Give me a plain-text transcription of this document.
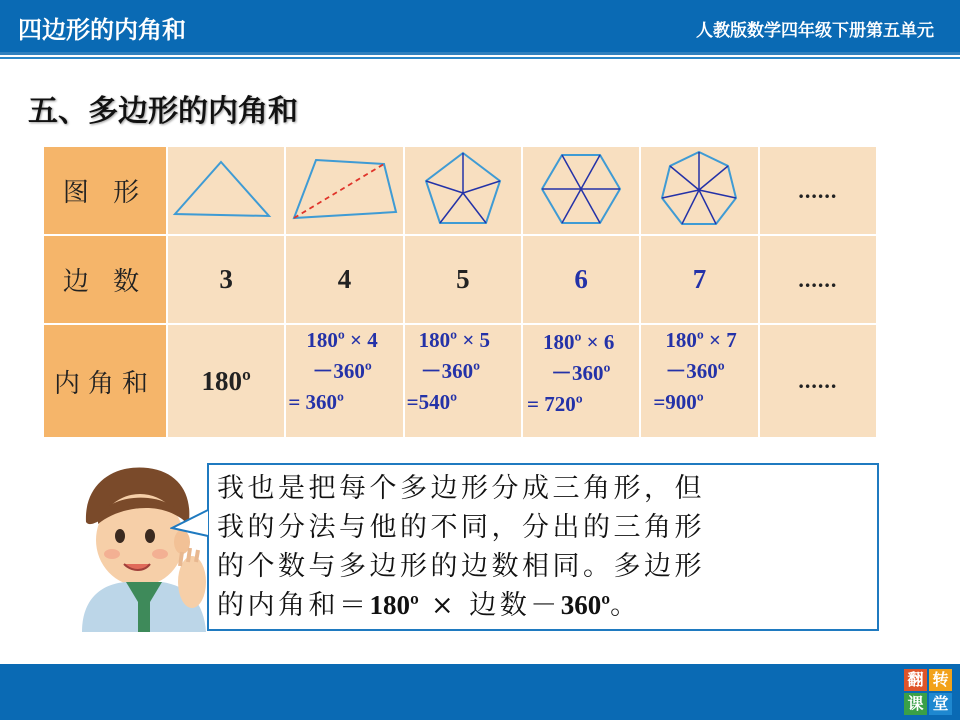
四边形的内角和	人教版数学四年级下册第五单元
五、多边形的内角和
图 形						......
边 数	3	4	5	6	7	......
内角和	180º	180º × 4
－360º
= 360º	180º × 5
－360º
=540º	180º × 6
－360º
= 720º	180º × 7
－360º
=900º	......

我也是把每个多边形分成三角形，但

我的分法与他的不同，分出的三角形

的个数与多边形的边数相同。多边形

的内角和＝180º × 边数－360º。

翻 转
课 堂
